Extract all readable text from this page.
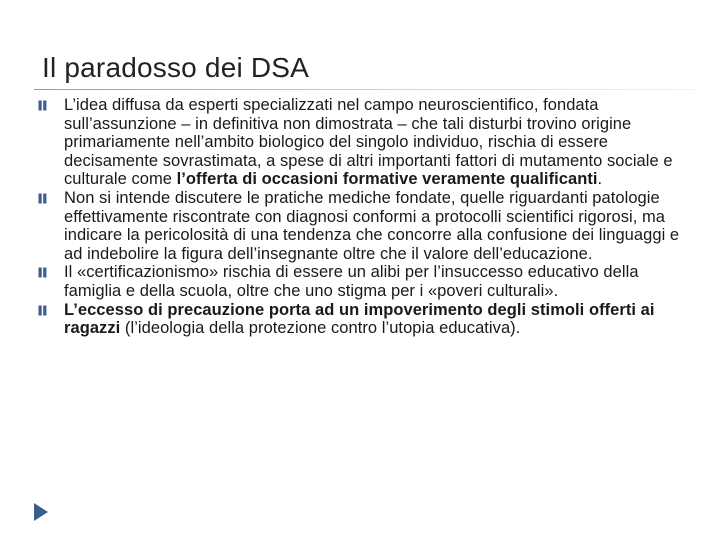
Il paradosso dei DSA
L’idea diffusa da esperti specializzati nel campo neuroscientifico, fondata sull’assunzione – in definitiva non dimostrata – che tali disturbi trovino origine primariamente nell’ambito biologico del singolo individuo, rischia di essere decisamente sovrastimata, a spese di altri importanti fattori di mutamento sociale e culturale come l’offerta di occasioni formative veramente qualificanti.
Non si intende discutere le pratiche mediche fondate, quelle riguardanti patologie effettivamente riscontrate con diagnosi conformi a protocolli scientifici rigorosi, ma indicare la pericolosità di una tendenza che concorre alla confusione dei linguaggi e ad indebolire la figura dell’insegnante oltre che il valore dell’educazione.
Il «certificazionismo» rischia di essere un alibi per l’insuccesso educativo della famiglia e della scuola, oltre che uno stigma per i «poveri culturali».
L’eccesso di precauzione porta ad un impoverimento degli stimoli offerti ai ragazzi (l’ideologia della protezione contro l’utopia educativa).
